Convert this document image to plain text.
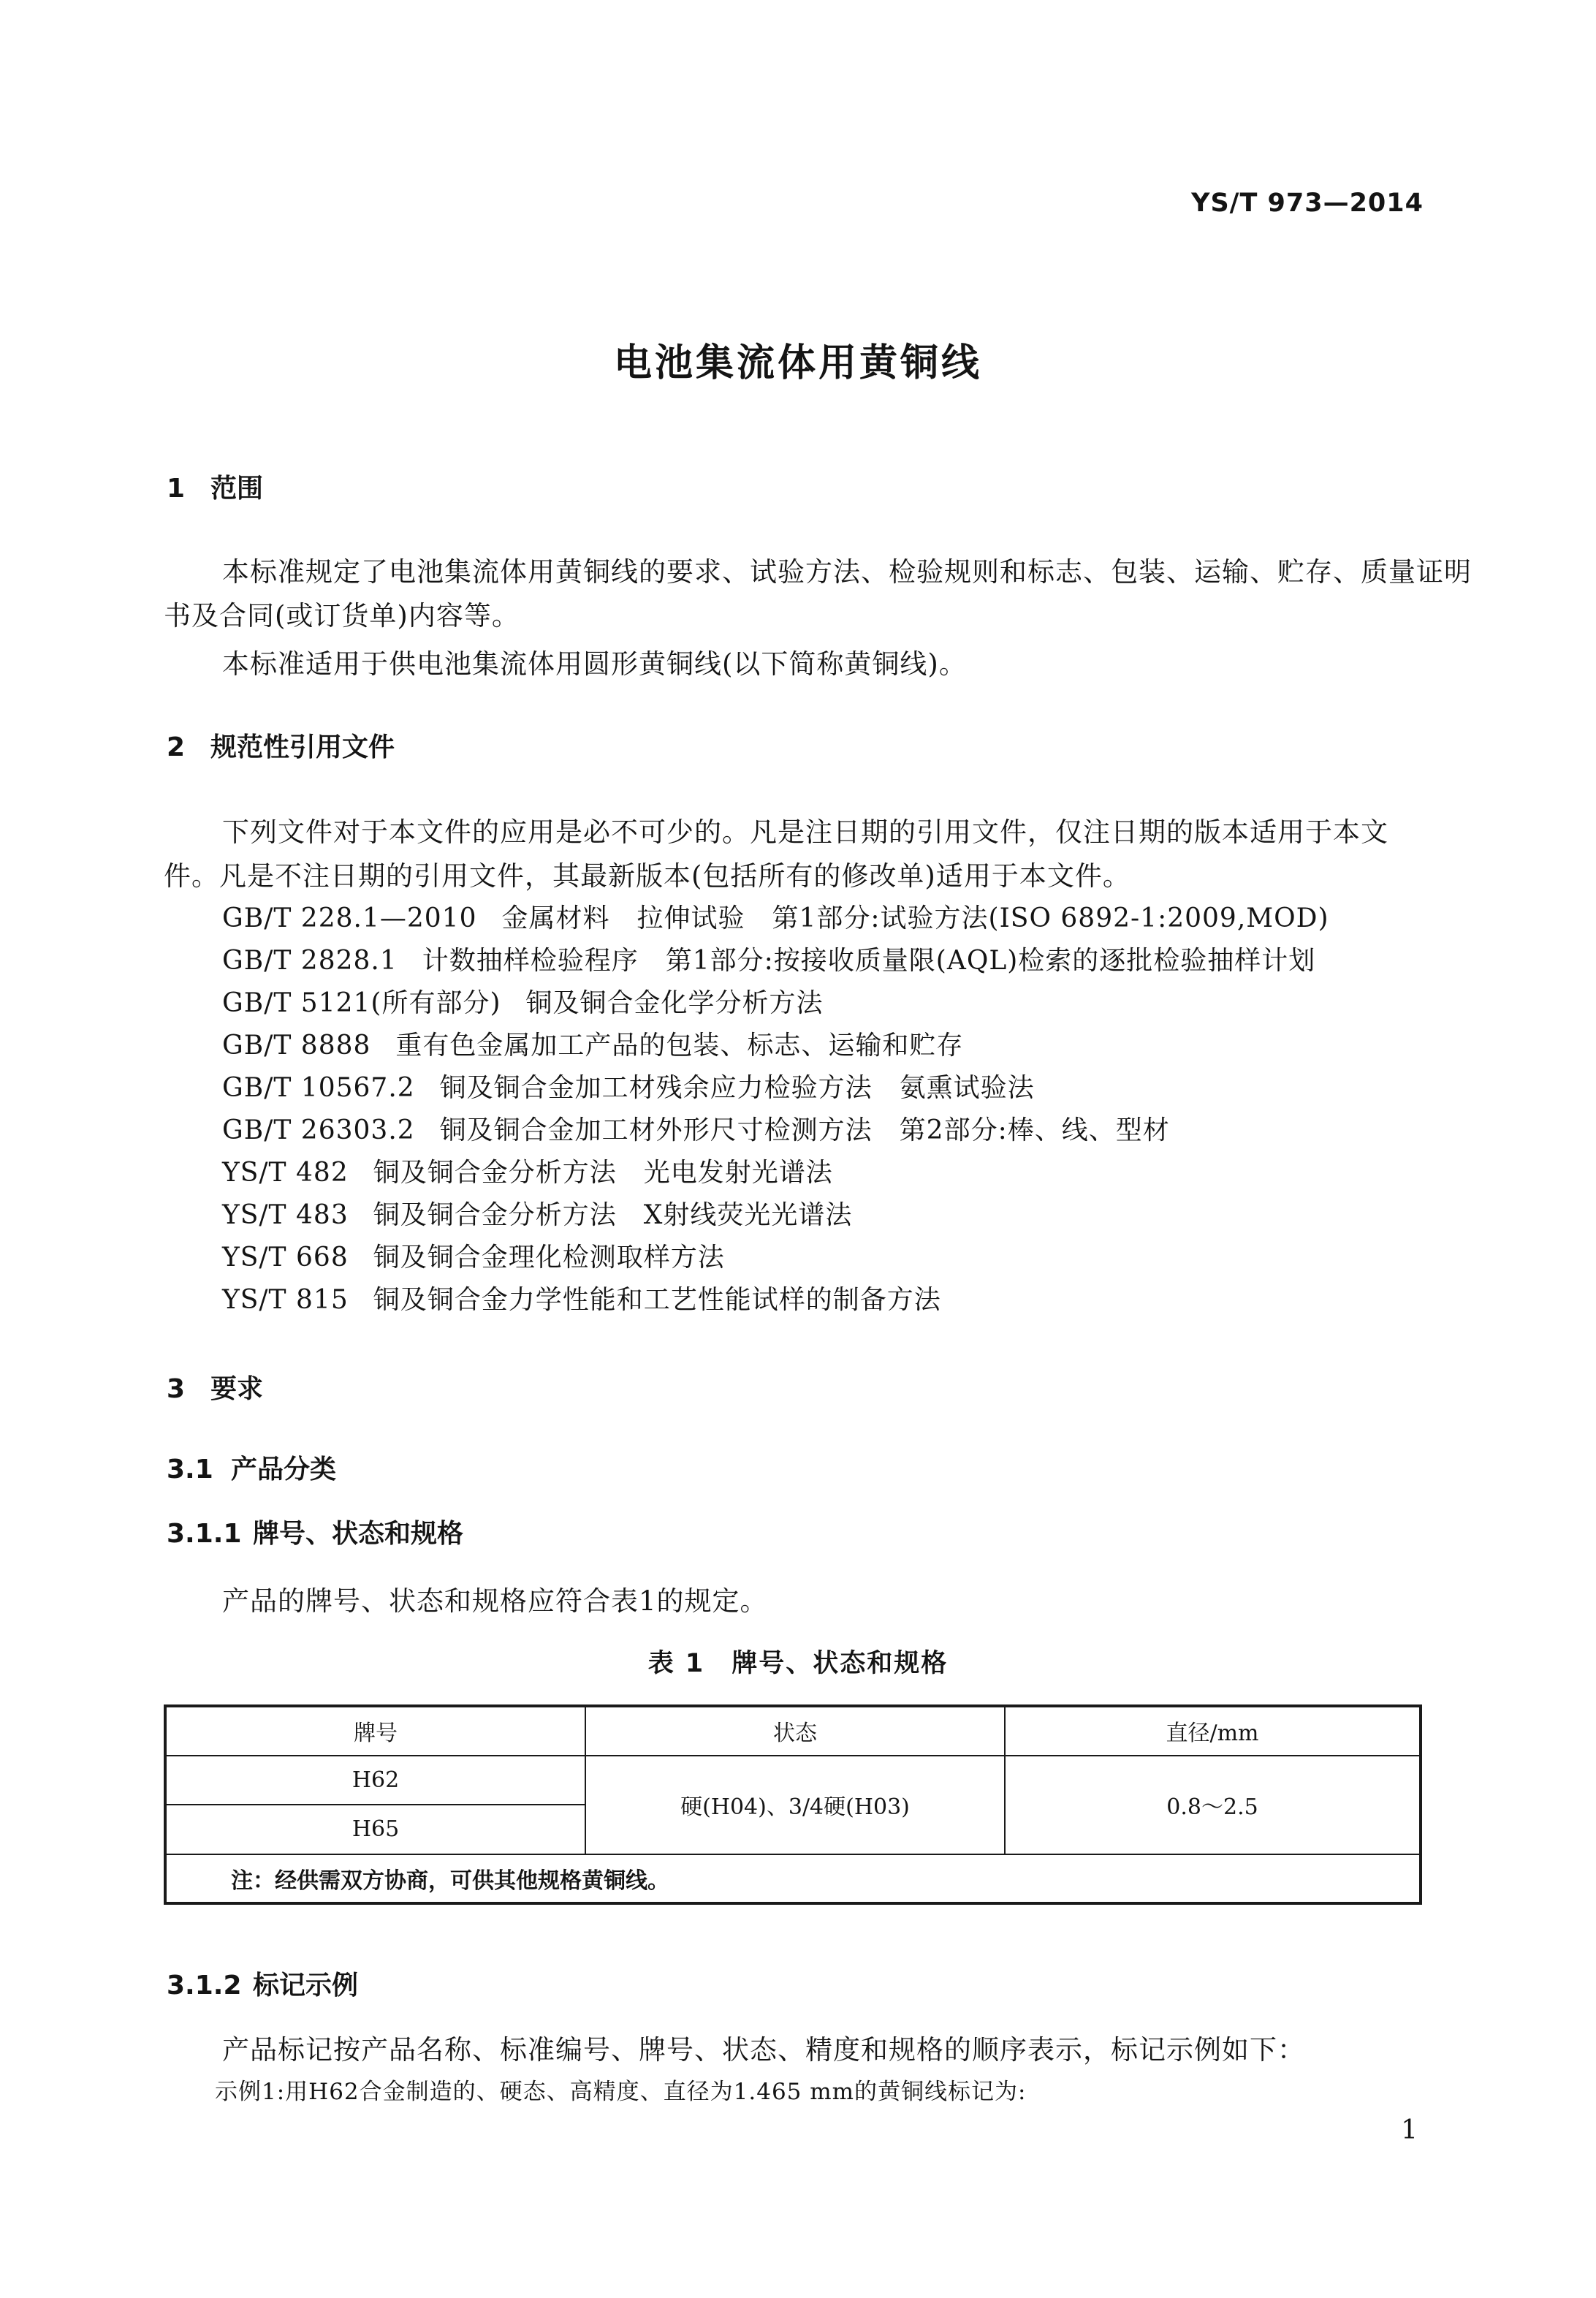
YS/T 973—2014
电池集流体用黄铜线
1 范围
本标准规定了电池集流体用黄铜线的要求、试验方法、检验规则和标志、包装、运输、贮存、质量证明
书及合同(或订货单)内容等。
本标准适用于供电池集流体用圆形黄铜线(以下简称黄铜线)。
2 规范性引用文件
下列文件对于本文件的应用是必不可少的。凡是注日期的引用文件，仅注日期的版本适用于本文
件。凡是不注日期的引用文件，其最新版本(包括所有的修改单)适用于本文件。
GB/T 228.1—2010 金属材料　拉伸试验　第1部分:试验方法(ISO 6892-1:2009,MOD)
GB/T 2828.1 计数抽样检验程序　第1部分:按接收质量限(AQL)检索的逐批检验抽样计划
GB/T 5121(所有部分) 铜及铜合金化学分析方法
GB/T 8888 重有色金属加工产品的包装、标志、运输和贮存
GB/T 10567.2 铜及铜合金加工材残余应力检验方法　氨熏试验法
GB/T 26303.2 铜及铜合金加工材外形尺寸检测方法　第2部分:棒、线、型材
YS/T 482 铜及铜合金分析方法　光电发射光谱法
YS/T 483 铜及铜合金分析方法　X射线荧光光谱法
YS/T 668 铜及铜合金理化检测取样方法
YS/T 815 铜及铜合金力学性能和工艺性能试样的制备方法
3 要求
3.1 产品分类
3.1.1 牌号、状态和规格
产品的牌号、状态和规格应符合表1的规定。
表 1　牌号、状态和规格
牌号	状态	直径/mm
H62	硬(H04)、3/4硬(H03)	0.8～2.5
H65		
注：经供需双方协商，可供其他规格黄铜线。		
3.1.2 标记示例
产品标记按产品名称、标准编号、牌号、状态、精度和规格的顺序表示，标记示例如下：
示例1:用H62合金制造的、硬态、高精度、直径为1.465 mm的黄铜线标记为:
1
